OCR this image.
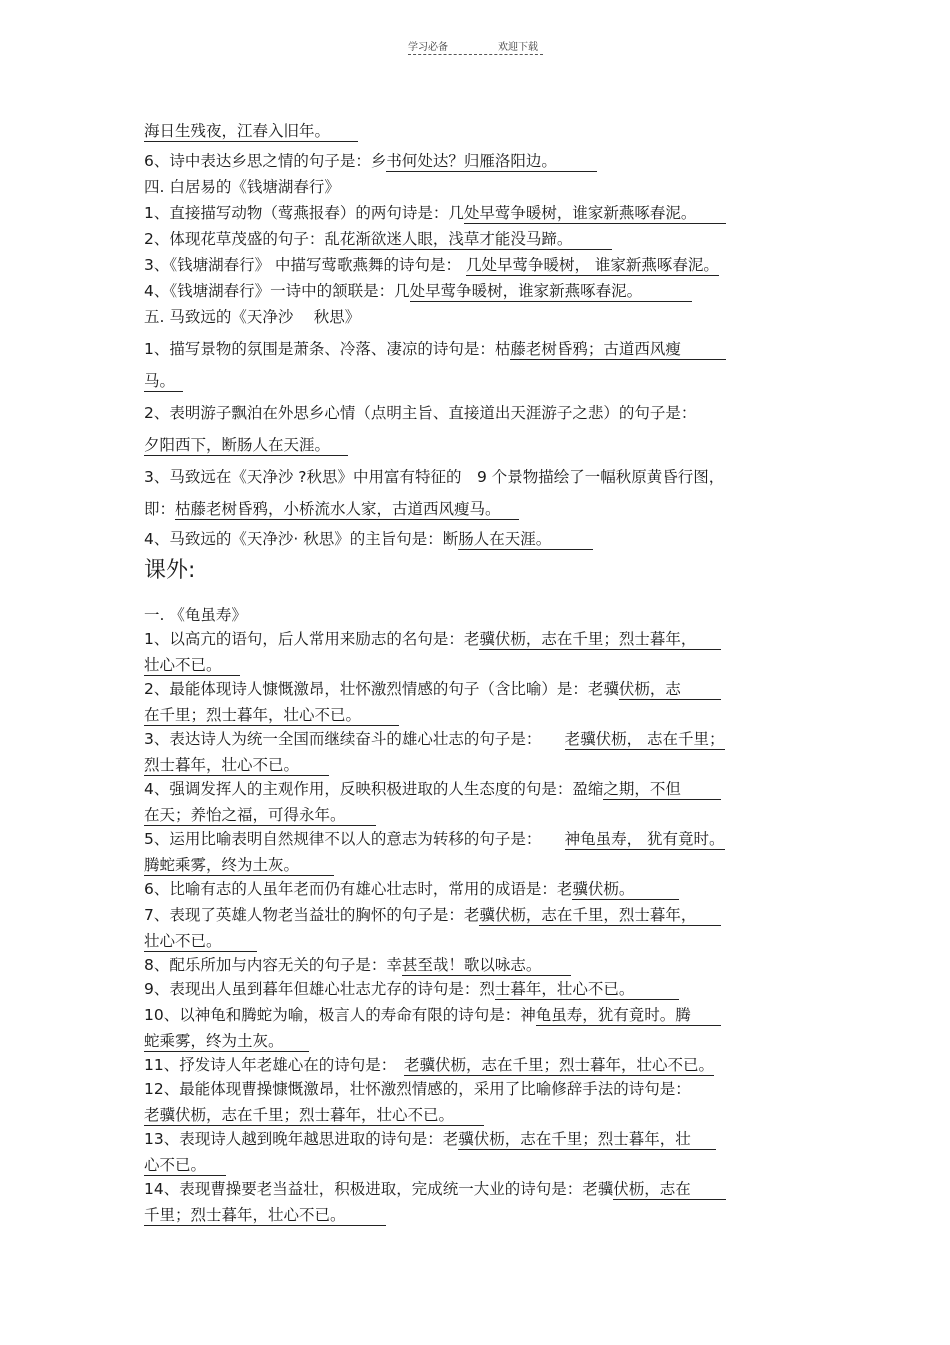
学习必备	欢迎下载
课外:
海日生残夜，江春入旧年。
6、诗中表达乡思之情的句子是：乡书何处达？归雁洛阳边。
四. 白居易的《钱塘湖春行》
1、直接描写动物（莺燕报春）的两句诗是：几处早莺争暖树，谁家新燕啄春泥。
2、体现花草茂盛的句子：乱花渐欲迷人眼，浅草才能没马蹄。
3、《钱塘湖春行》 中描写莺歌燕舞的诗句是： 几处早莺争暖树， 谁家新燕啄春泥。
4、《钱塘湖春行》一诗中的颔联是：几处早莺争暖树，谁家新燕啄春泥。
五. 马致远的《天净沙　 秋思》
1、描写景物的氛围是萧条、冷落、凄凉的诗句是：枯藤老树昏鸦；古道西风瘦
马。
2、表明游子飘泊在外思乡心情（点明主旨、直接道出天涯游子之悲）的句子是：
夕阳西下，断肠人在天涯。
3、马致远在《天净沙 ?秋思》中用富有特征的　9 个景物描绘了一幅秋原黄昏行图，
即：枯藤老树昏鸦，小桥流水人家，古道西风瘦马。
4、马致远的《天净沙· 秋思》的主旨句是：断肠人在天涯。
一. 《龟虽寿》
1、以高亢的语句，后人常用来励志的名句是：老骥伏枥，志在千里；烈士暮年，
壮心不已。
2、最能体现诗人慷慨激昂，壮怀激烈情感的句子（含比喻）是：老骥伏枥，志
在千里；烈士暮年，壮心不已。
3、表达诗人为统一全国而继续奋斗的雄心壮志的句子是：　　老骥伏枥， 志在千里；
烈士暮年，壮心不已。
4、强调发挥人的主观作用，反映积极进取的人生态度的句是：盈缩之期，不但
在天；养怡之福，可得永年。
5、运用比喻表明自然规律不以人的意志为转移的句子是：　　神龟虽寿， 犹有竟时。
腾蛇乘雾，终为土灰。
6、比喻有志的人虽年老而仍有雄心壮志时，常用的成语是：老骥伏枥。
7、表现了英雄人物老当益壮的胸怀的句子是：老骥伏枥，志在千里，烈士暮年，
壮心不已。
8、配乐所加与内容无关的句子是：幸甚至哉！歌以咏志。
9、表现出人虽到暮年但雄心壮志尤存的诗句是：烈士暮年，壮心不已。
10、以神龟和腾蛇为喻，极言人的寿命有限的诗句是：神龟虽寿，犹有竟时。腾
蛇乘雾，终为土灰。
11、抒发诗人年老雄心在的诗句是：　老骥伏枥，志在千里；烈士暮年，壮心不已。
12、最能体现曹操慷慨激昂，壮怀激烈情感的，采用了比喻修辞手法的诗句是：
老骥伏枥，志在千里；烈士暮年，壮心不已。
13、表现诗人越到晚年越思进取的诗句是：老骥伏枥，志在千里；烈士暮年，壮
心不已。
14、表现曹操要老当益壮，积极进取，完成统一大业的诗句是：老骥伏枥，志在
千里；烈士暮年，壮心不已。
